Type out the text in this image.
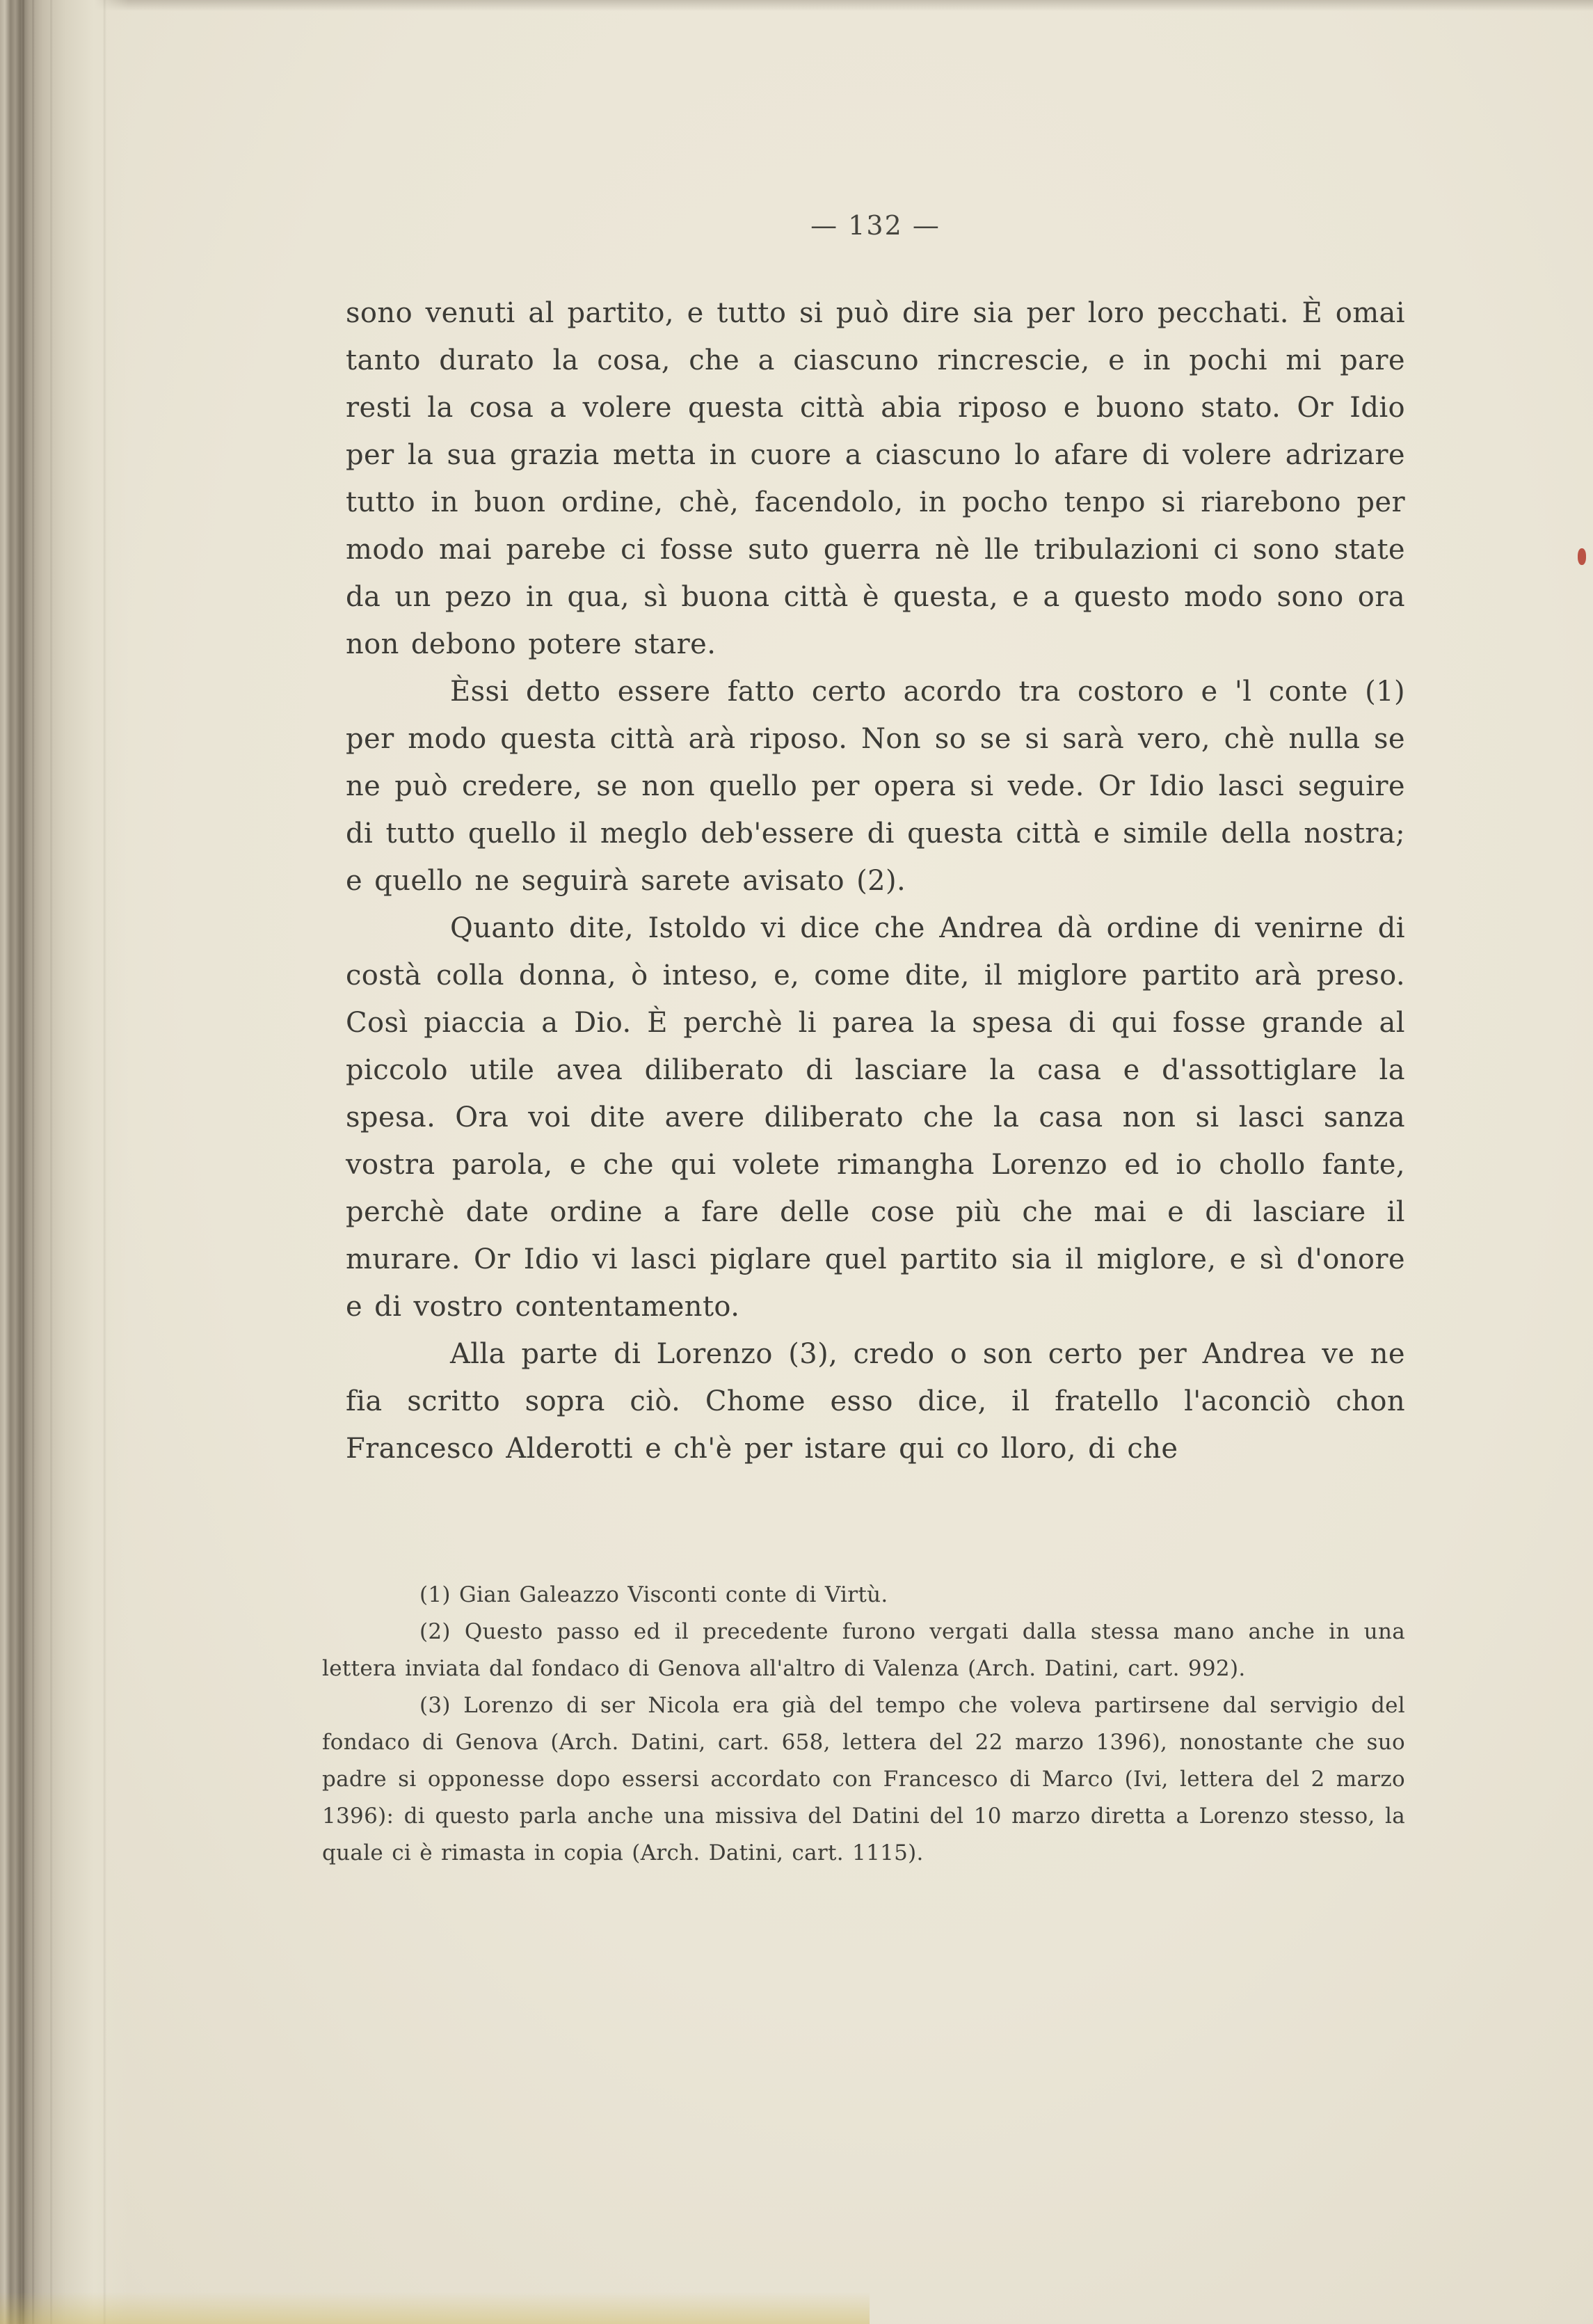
— 132 —

sono venuti al partito, e tutto si può dire sia per loro pecchati. È omai tanto durato la cosa, che a ciascuno rincrescie, e in pochi mi pare resti la cosa a volere questa città abia riposo e buono stato. Or Idio per la sua grazia metta in cuore a ciascuno lo afare di volere adrizare tutto in buon ordine, chè, facendolo, in pocho tenpo si riarebono per modo mai parebe ci fosse suto guerra nè lle tribulazioni ci sono state da un pezo in qua, sì buona città è questa, e a questo modo sono ora non debono potere stare.

Èssi detto essere fatto certo acordo tra costoro e 'l conte (1) per modo questa città arà riposo. Non so se si sarà vero, chè nulla se ne può credere, se non quello per opera si vede. Or Idio lasci seguire di tutto quello il meglo deb'essere di questa città e simile della nostra; e quello ne seguirà sarete avisato (2).

Quanto dite, Istoldo vi dice che Andrea dà ordine di venirne di costà colla donna, ò inteso, e, come dite, il miglore partito arà preso. Così piaccia a Dio. È perchè li parea la spesa di qui fosse grande al piccolo utile avea diliberato di lasciare la casa e d'assottiglare la spesa. Ora voi dite avere diliberato che la casa non si lasci sanza vostra parola, e che qui volete rimangha Lorenzo ed io chollo fante, perchè date ordine a fare delle cose più che mai e di lasciare il murare. Or Idio vi lasci piglare quel partito sia il miglore, e sì d'onore e di vostro contentamento.

Alla parte di Lorenzo (3), credo o son certo per Andrea ve ne fia scritto sopra ciò. Chome esso dice, il fratello l'aconciò chon Francesco Alderotti e ch'è per istare qui co lloro, di che

(1) Gian Galeazzo Visconti conte di Virtù.

(2) Questo passo ed il precedente furono vergati dalla stessa mano anche in una lettera inviata dal fondaco di Genova all'altro di Valenza (Arch. Datini, cart. 992).

(3) Lorenzo di ser Nicola era già del tempo che voleva partirsene dal servigio del fondaco di Genova (Arch. Datini, cart. 658, lettera del 22 marzo 1396), nonostante che suo padre si opponesse dopo essersi accordato con Francesco di Marco (Ivi, lettera del 2 marzo 1396): di questo parla anche una missiva del Datini del 10 marzo diretta a Lorenzo stesso, la quale ci è rimasta in copia (Arch. Datini, cart. 1115).
